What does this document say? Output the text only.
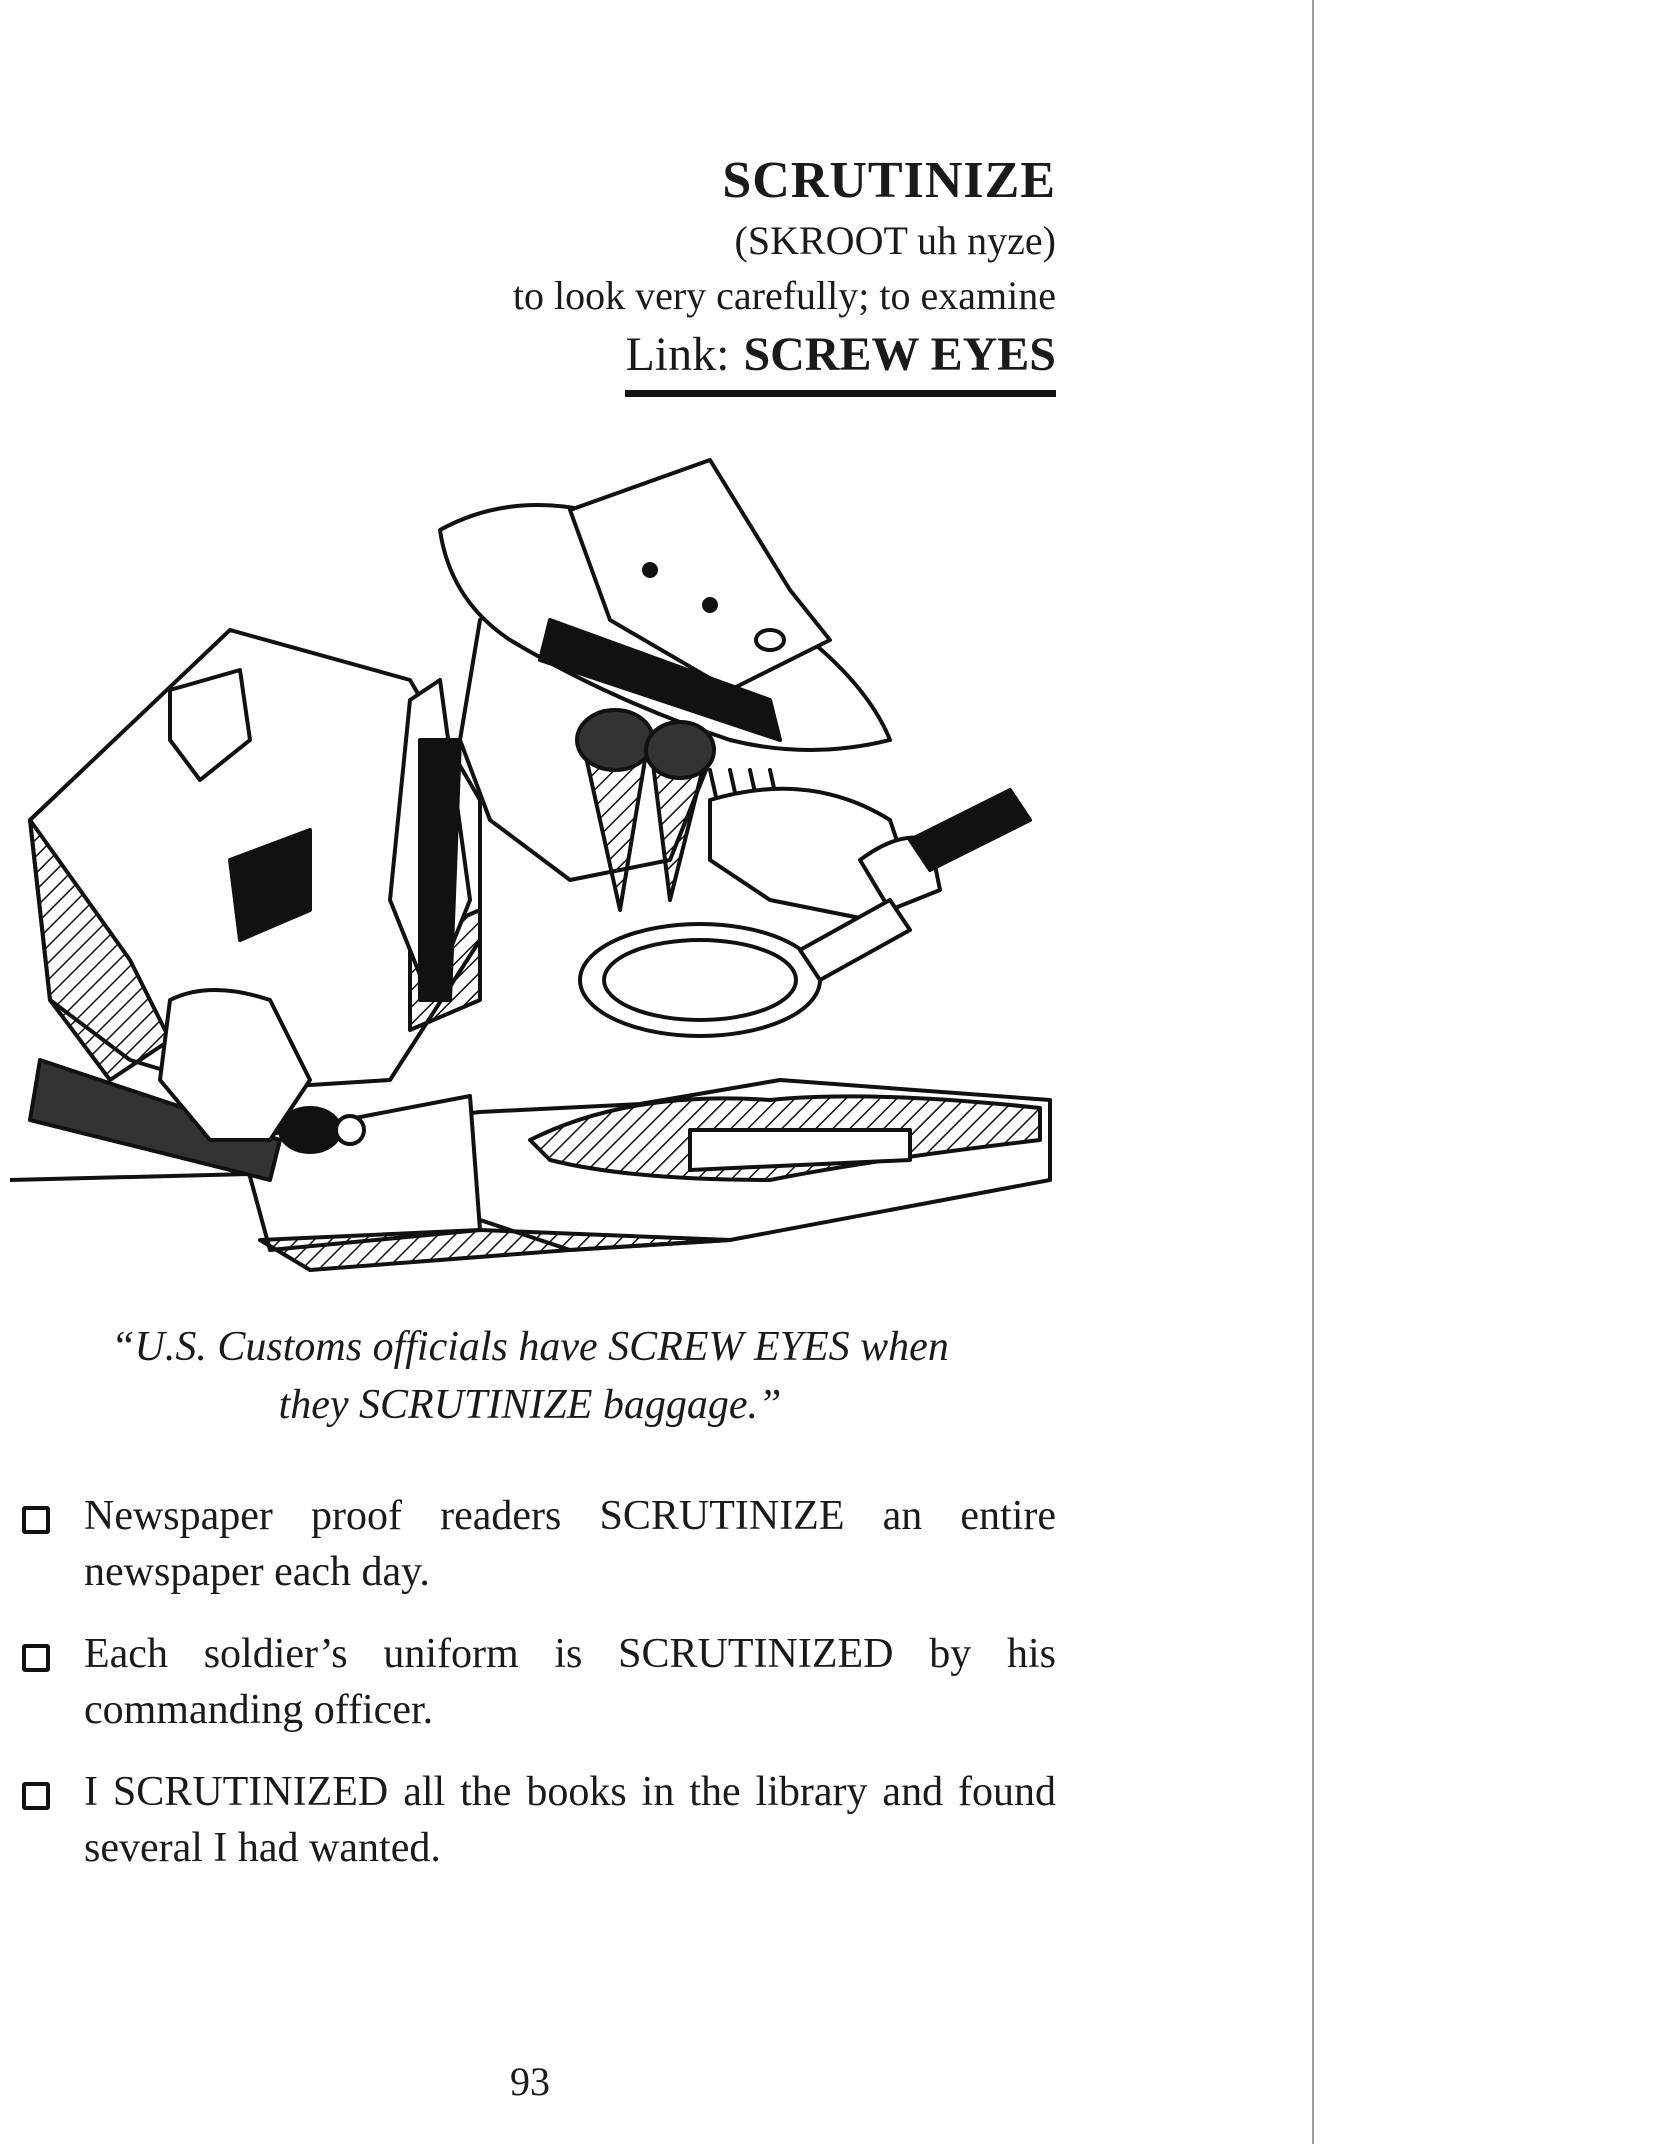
SCRUTINIZE
(SKROOT uh nyze)
to look very carefully; to examine
Link: SCREW EYES
“U.S. Customs officials have SCREW EYES when
they SCRUTINIZE baggage.”
Newspaper proof readers SCRUTINIZE an entire newspaper each day.
Each soldier’s uniform is SCRUTINIZED by his commanding officer.
I SCRUTINIZED all the books in the library and found several I had wanted.
93
